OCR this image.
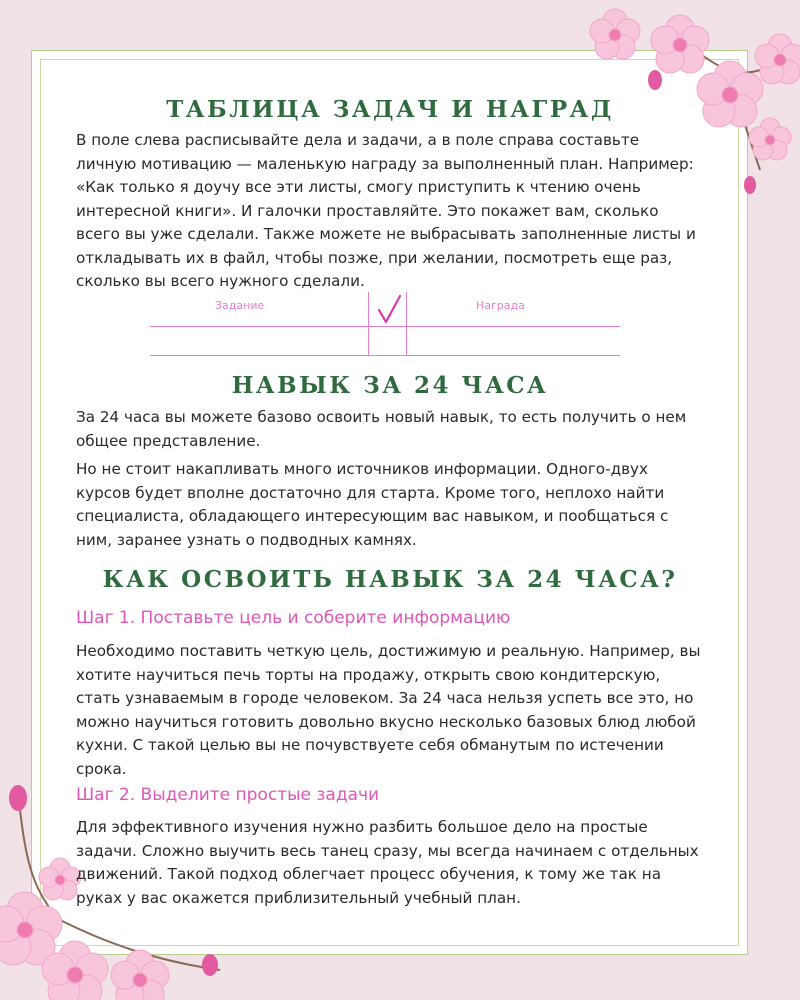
ТАБЛИЦА ЗАДАЧ И НАГРАД

В поле слева расписывайте дела и задачи, а в поле справа составьте личную мотивацию — маленькую награду за выполненный план. Например: «Как только я доучу все эти листы, смогу приступить к чтению очень интересной книги». И галочки проставляйте. Это покажет вам, сколько всего вы уже сделали. Также можете не выбрасывать заполненные листы и откладывать их в файл, чтобы позже, при желании, посмотреть еще раз, сколько вы всего нужного сделали.

Задание	Награда
НАВЫК ЗА 24 ЧАСА

За 24 часа вы можете базово освоить новый навык, то есть получить о нем общее представление.

Но не стоит накапливать много источников информации. Одного-двух курсов будет вполне достаточно для старта. Кроме того, неплохо найти специалиста, обладающего интересующим вас навыком, и пообщаться с ним, заранее узнать о подводных камнях.

КАК ОСВОИТЬ НАВЫК ЗА 24 ЧАСА?
Шаг 1. Поставьте цель и соберите информацию

Необходимо поставить четкую цель, достижимую и реальную. Например, вы хотите научиться печь торты на продажу, открыть свою кондитерскую, стать узнаваемым в городе человеком. За 24 часа нельзя успеть все это, но можно научиться готовить довольно вкусно несколько базовых блюд любой кухни. С такой целью вы не почувствуете себя обманутым по истечении срока.

Шаг 2. Выделите простые задачи

Для эффективного изучения нужно разбить большое дело на простые задачи. Сложно выучить весь танец сразу, мы всегда начинаем с отдельных движений. Такой подход облегчает процесс обучения, к тому же так на руках у вас окажется приблизительный учебный план.
